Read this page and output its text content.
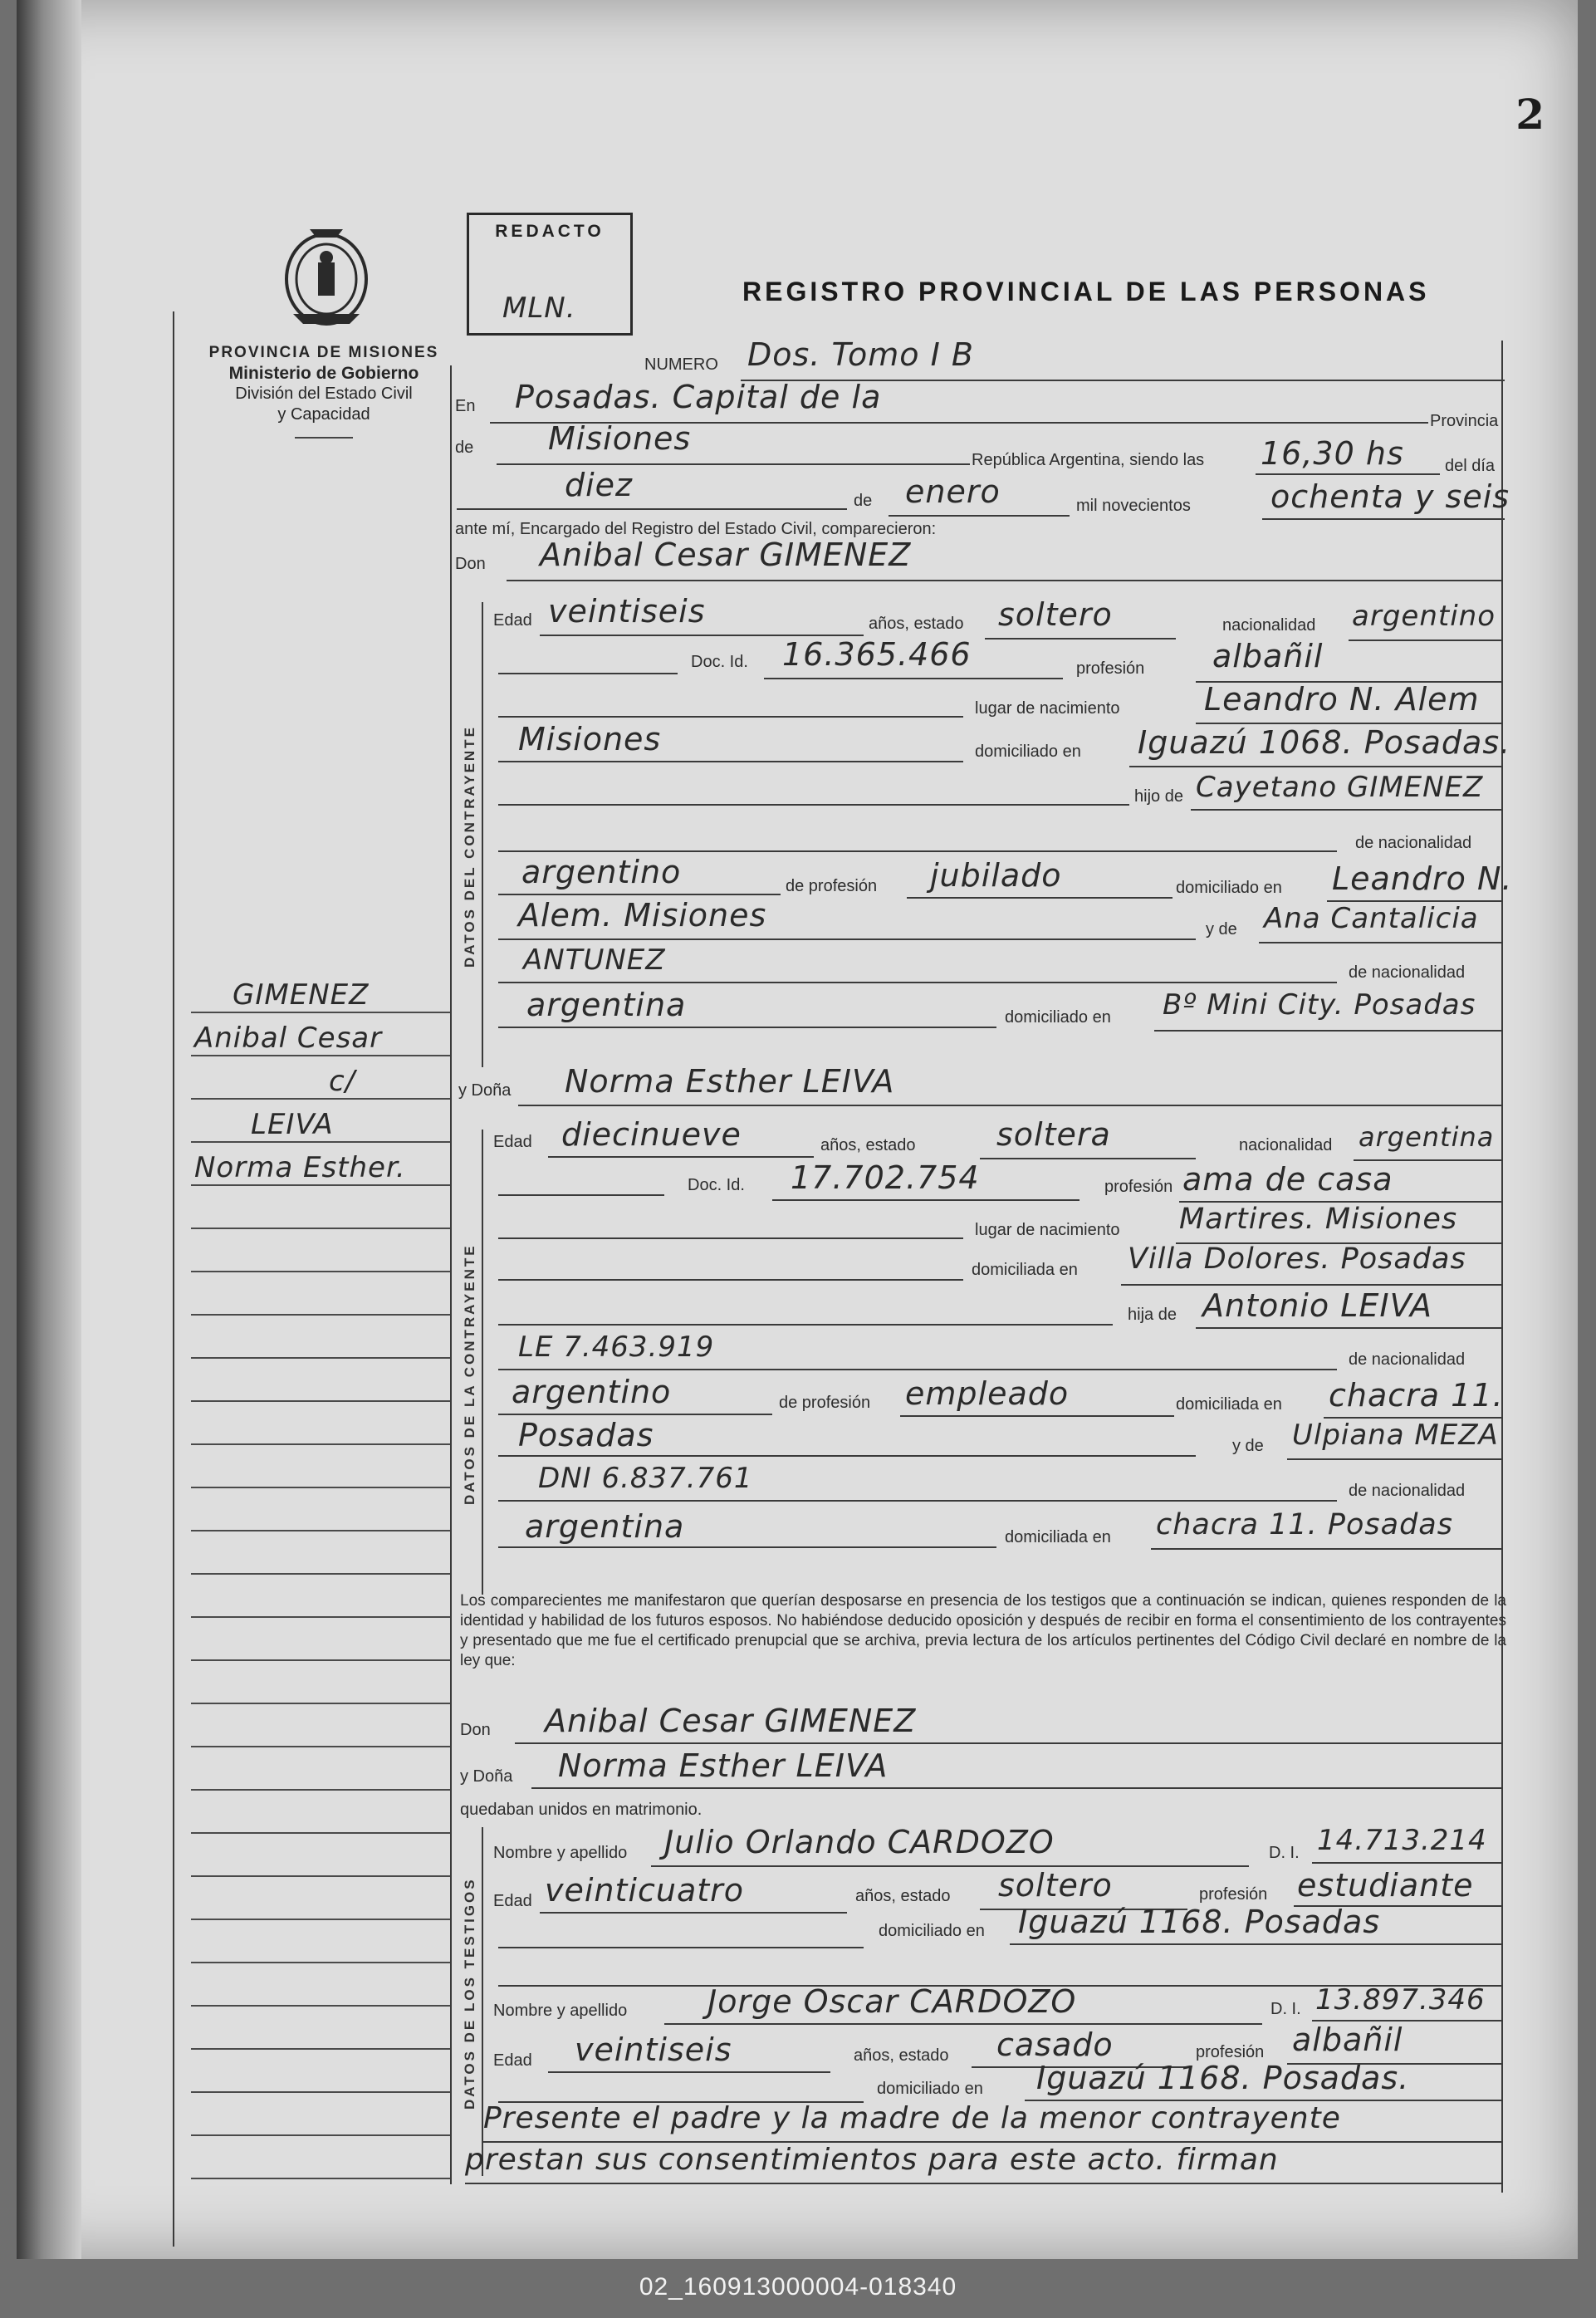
2
PROVINCIA DE MISIONES
Ministerio de Gobierno
División del Estado Civil
y Capacidad
REDACTO
MLN.	REGISTRO PROVINCIAL DE LAS PERSONAS
NUMERO Dos. Tomo I B
En Posadas. Capital de la
Provincia
de Misiones
República Argentina, siendo las 16,30 hs del día
diez	de enero	mil novecientos	ochenta y seis
ante mí, Encargado del Registro del Estado Civil, comparecieron:
Don Anibal Cesar GIMENEZ
DATOS DEL CONTRAYENTE
Edad veintiseis	años, estado soltero	nacionalidad argentino
Doc. Id. 16.365.466	profesión albañil
lugar de nacimiento	Leandro N. Alem
Misiones	domiciliado en Iguazú 1068. Posadas.
hijo de Cayetano GIMENEZ
de nacionalidad
argentino	de profesión jubilado	domiciliado en Leandro N.
Alem. Misiones	y de Ana Cantalicia
ANTUNEZ	de nacionalidad
argentina	domiciliado en Bº Mini City. Posadas
GIMENEZ
Anibal Cesar
c/
LEIVA
Norma Esther.
y Doña Norma Esther LEIVA
DATOS DE LA CONTRAYENTE
Edad diecinueve	años, estado	soltera	nacionalidad argentina
Doc. Id. 17.702.754	profesión ama de casa
lugar de nacimiento Martires. Misiones
domiciliada en Villa Dolores. Posadas
hija de Antonio LEIVA
LE 7.463.919	de nacionalidad
argentino	de profesión empleado	domiciliada en chacra 11.
Posadas	y de Ulpiana MEZA
DNI 6.837.761	de nacionalidad
argentina	domiciliada en chacra 11. Posadas
Los comparecientes me manifestaron que querían desposarse en presencia de los testigos que a continuación se indican, quienes responden de la identidad y habilidad de los futuros esposos. No habiéndose deducido oposición y después de recibir en forma el consentimiento de los contrayentes y presentado que me fue el certificado prenupcial que se archiva, previa lectura de los artículos pertinentes del Código Civil declaré en nombre de la ley que:
Don Anibal Cesar GIMENEZ
y Doña Norma Esther LEIVA
quedaban unidos en matrimonio.
DATOS DE LOS TESTIGOS
Nombre y apellido Julio Orlando CARDOZO	D. I. 14.713.214
Edad veinticuatro	años, estado soltero	profesión estudiante
domiciliado en Iguazú 1168. Posadas
Nombre y apellido	Jorge Oscar CARDOZO	D. I. 13.897.346
Edad veintiseis	años, estado casado	profesión albañil
domiciliado en Iguazú 1168. Posadas.
Presente el padre y la madre de la menor contrayente
prestan sus consentimientos para este acto. firman
02_160913000004-018340
